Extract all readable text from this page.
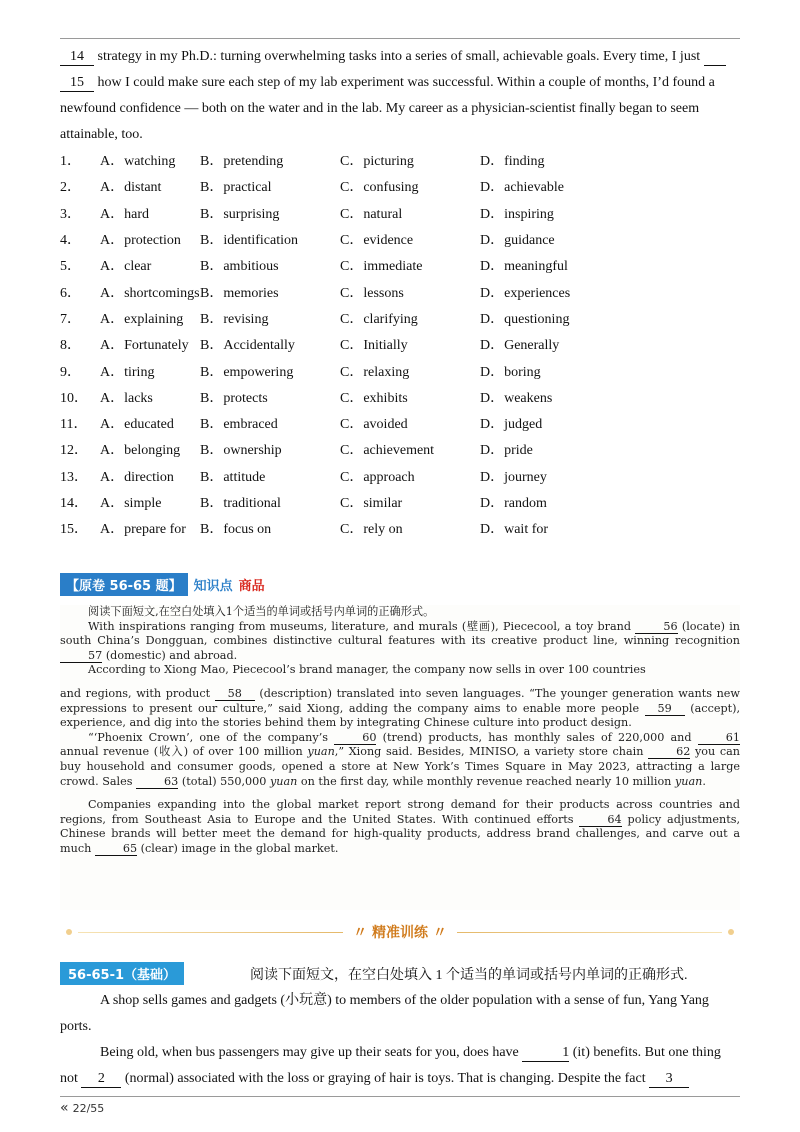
14 strategy in my Ph.D.: turning overwhelming tasks into a series of small, achievable goals. Every time, I just

15 how I could make sure each step of my lab experiment was successful. Within a couple of months, I’d found a

newfound confidence — both on the water and in the lab. My career as a physician-scientist finally began to seem

attainable, too.

1．	A．watching	B．pretending	C．picturing	D．finding
2．	A．distant	B．practical	C．confusing	D．achievable
3．	A．hard	B．surprising	C．natural	D．inspiring
4．	A．protection	B．identification	C．evidence	D．guidance
5．	A．clear	B．ambitious	C．immediate	D．meaningful
6．	A．shortcomings B．memories	C．lessons	D．experiences
7．	A．explaining	B．revising	C．clarifying	D．questioning
8．	A．Fortunately B．Accidentally	C．Initially	D．Generally
9．	A．tiring	B．empowering	C．relaxing	D．boring
10． A．lacks	B．protects	C．exhibits	D．weakens
11． A．educated	B．embraced	C．avoided	D．judged
12． A．belonging	B．ownership	C．achievement	D．pride
13． A．direction	B．attitude	C．approach	D．journey
14． A．simple	B．traditional	C．similar	D．random
15． A．prepare for	B．focus on	C．rely on	D．wait for
【原卷 56-65 题】 知识点 商品

阅读下面短文,在空白处填入1个适当的单词或括号内单词的正确形式。

With inspirations ranging from museums, literature, and murals (壁画), Piececool, a toy brand	56 (locate) in south China’s Dongguan, combines distinctive cultural features with its creative product line, winning recognition 57 (domestic) and abroad.

According to Xiong Mao, Piececool’s brand manager, the company now sells in over 100 countries

and regions, with product 58 (description) translated into seven languages. “The younger generation wants new expressions to present our culture,” said Xiong, adding the company aims to enable more people 59 (accept), experience, and dig into the stories behind them by integrating Chinese culture into product design.

“‘Phoenix Crown’, one of the company’s	60 (trend) products, has monthly sales of 220,000 and	61 annual revenue (收入) of over 100 million yuan,” Xiong said. Besides, MINISO, a variety store chain	62 you can buy household and consumer goods, opened a store at New York’s Times Square in May 2023, attracting a large crowd. Sales	63 (total) 550,000 yuan on the first day, while monthly revenue reached nearly 10 million yuan.

Companies expanding into the global market report strong demand for their products across countries and regions, from Southeast Asia to Europe and the United States. With continued efforts	64 policy adjustments, Chinese brands will better meet the demand for high-quality products, address brand challenges, and carve out a much	65 (clear) image in the global market.

〃 精准训练 〃
56-65-1（基础）	阅读下面短文，在空白处填入 1 个适当的单词或括号内单词的正确形式.

A shop sells games and gadgets (小玩意) to members of the older population with a sense of fun, Yang Yang

ports.

Being old, when bus passengers may give up their seats for you, does have	1 (it) benefits. But one thing

not 2 (normal) associated with the loss or graying of hair is toys. That is changing. Despite the fact 3

« 22/55
